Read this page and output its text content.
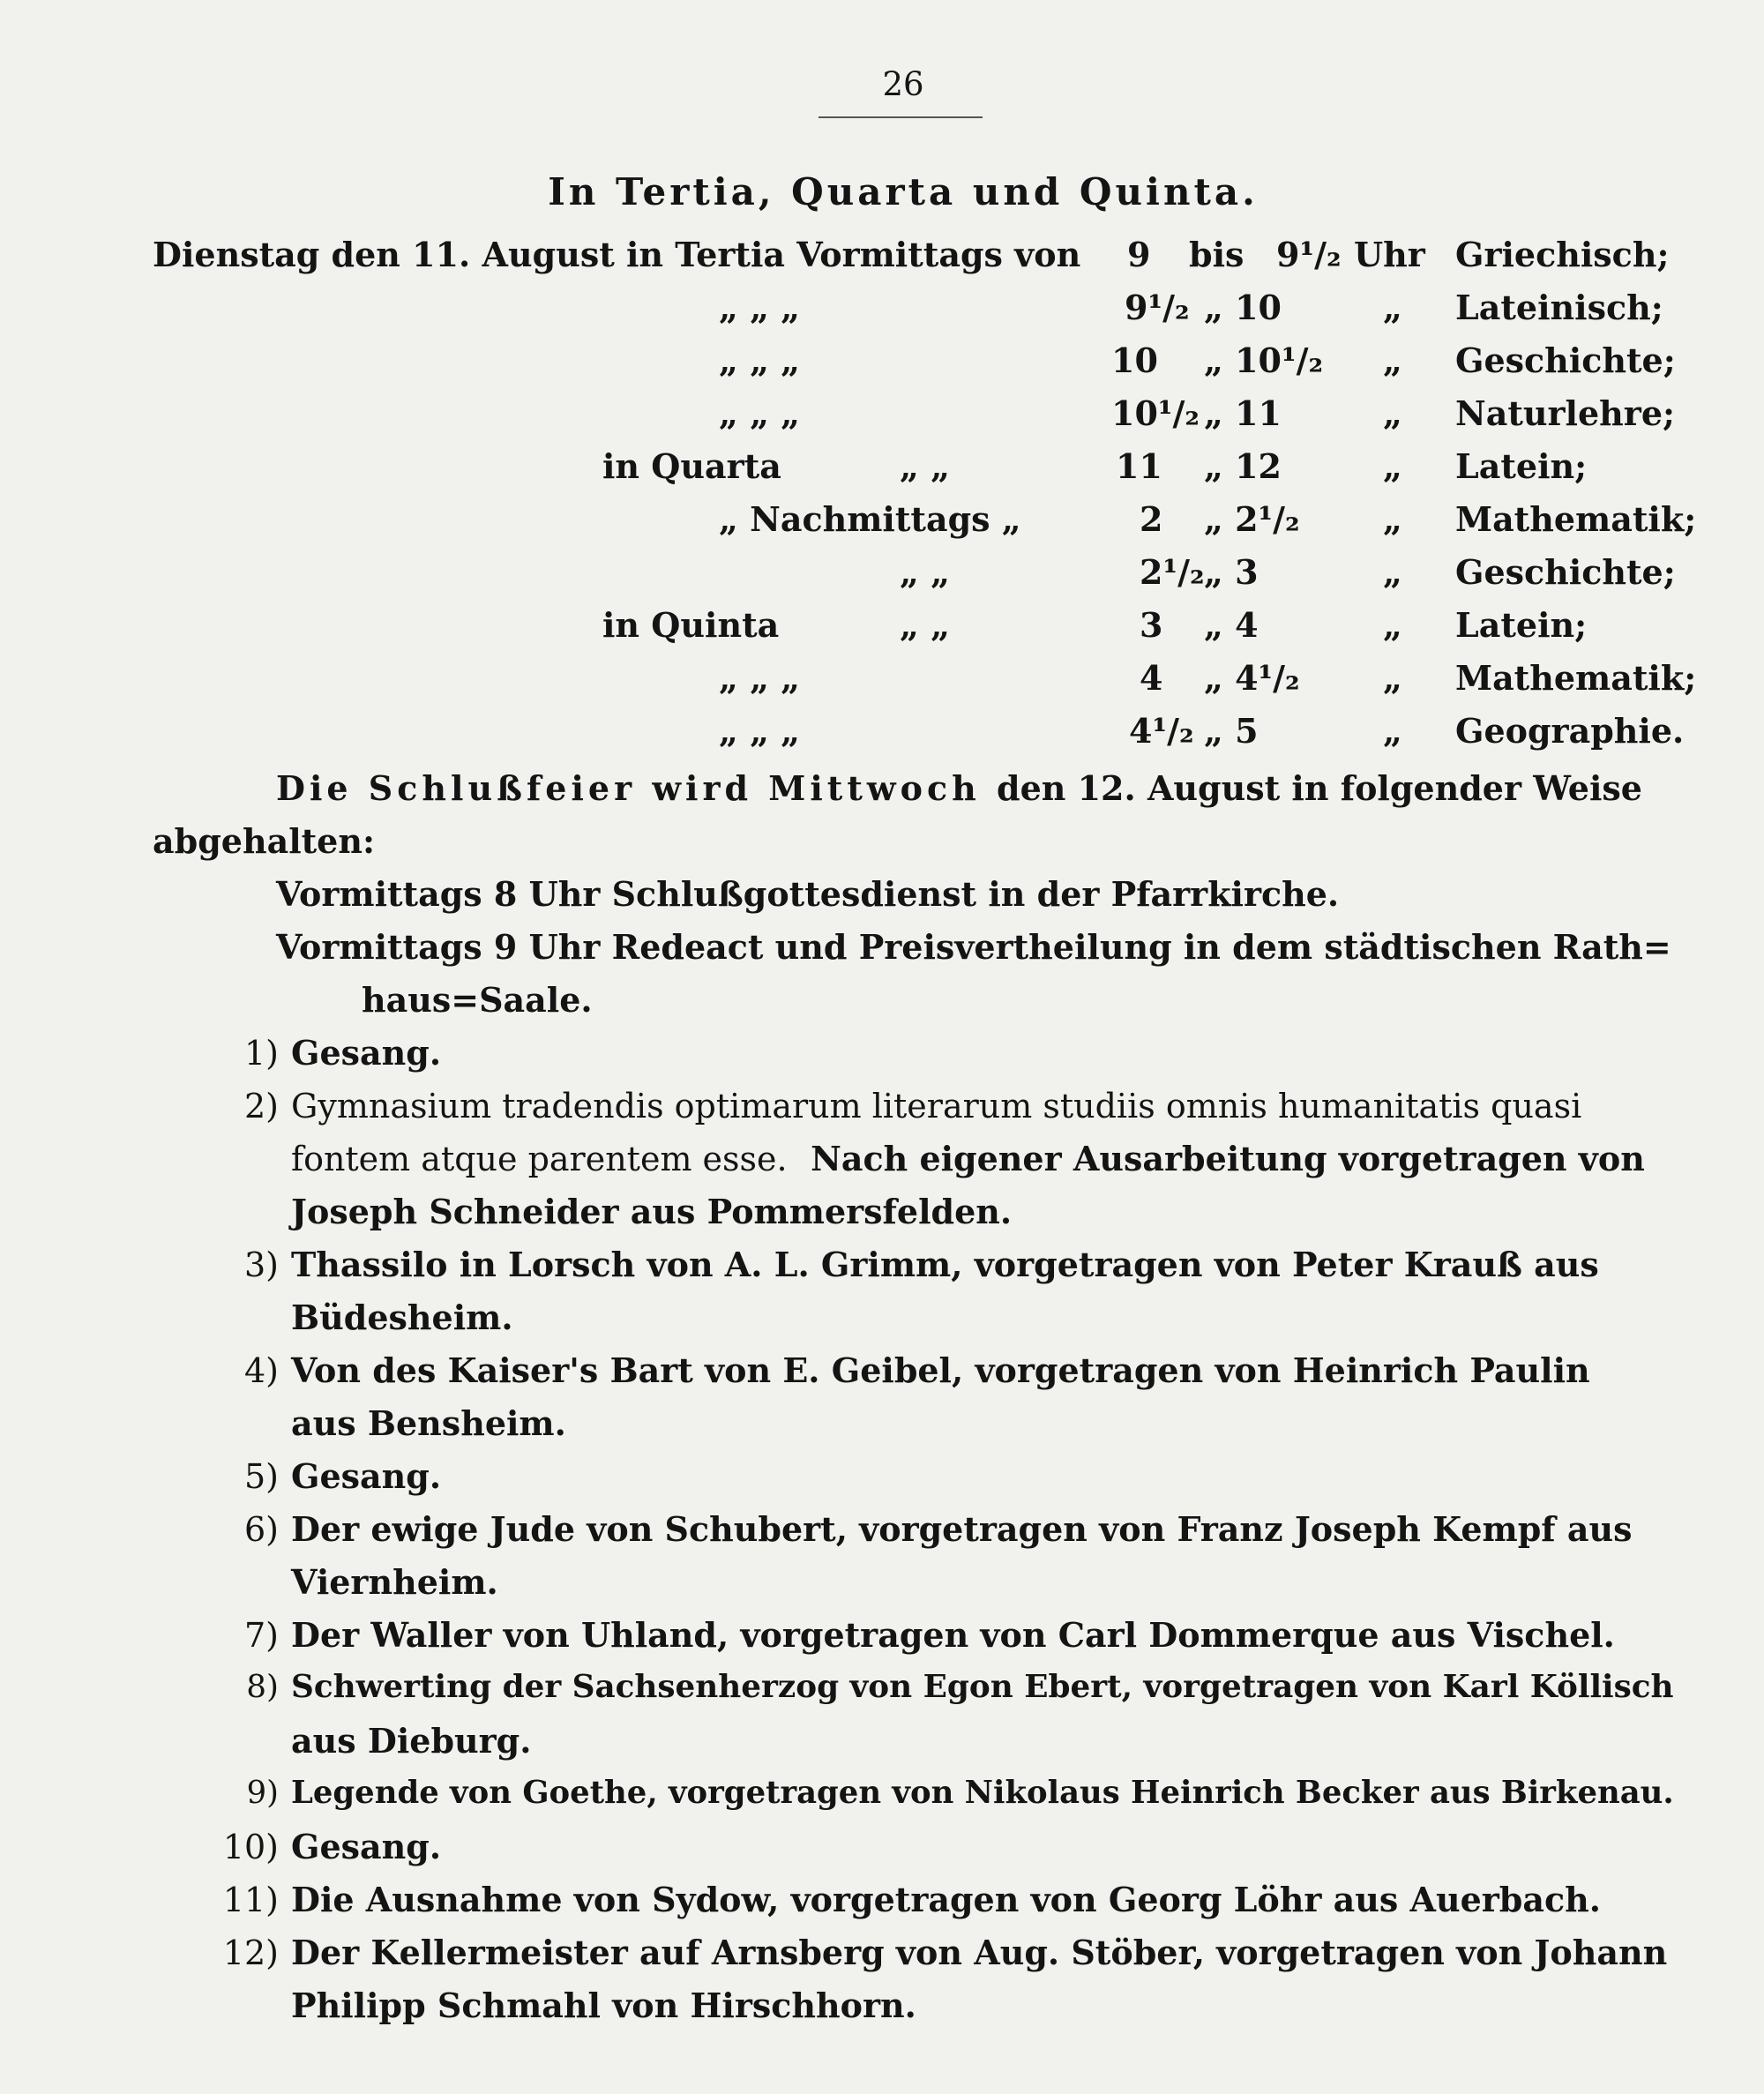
26
In Tertia, Quarta und Quinta.
Dienstag den 11. August in Tertia Vormittags von 9 bis 9¹/₂ Uhr Griechisch;
„ „ „	9¹/₂ „ 10	„ Lateinisch;
„ „ „	10 „ 10¹/₂ „ Geschichte;
„ „ „	10¹/₂ „ 11	„ Naturlehre;
in Quarta	„ „	11 „ 12	„ Latein;
„ Nachmittags „	2 „ 2¹/₂ „ Mathematik;
„ „	2¹/₂ „ 3	„ Geschichte;
in Quinta	„ „	3 „ 4	„ Latein;
„ „ „	4 „ 4¹/₂ „ Mathematik;
„ „ „	4¹/₂ „ 5	„ Geographie.
Die Schlußfeier wird Mittwoch den 12. August in folgender Weise
abgehalten:
Vormittags 8 Uhr Schlußgottesdienst in der Pfarrkirche.
Vormittags 9 Uhr Redeact und Preisvertheilung in dem städtischen Rath=
haus=Saale.
1) Gesang.
2) Gymnasium tradendis optimarum literarum studiis omnis humanitatis quasi
fontem atque parentem esse. Nach eigener Ausarbeitung vorgetragen von
Joseph Schneider aus Pommersfelden.
3) Thassilo in Lorsch von A. L. Grimm, vorgetragen von Peter Krauß aus
Büdesheim.
4) Von des Kaiser's Bart von E. Geibel, vorgetragen von Heinrich Paulin
aus Bensheim.
5) Gesang.
6) Der ewige Jude von Schubert, vorgetragen von Franz Joseph Kempf aus
Viernheim.
7) Der Waller von Uhland, vorgetragen von Carl Dommerque aus Vischel.
8) Schwerting der Sachsenherzog von Egon Ebert, vorgetragen von Karl Köllisch
aus Dieburg.
9) Legende von Goethe, vorgetragen von Nikolaus Heinrich Becker aus Birkenau.
10) Gesang.
11) Die Ausnahme von Sydow, vorgetragen von Georg Löhr aus Auerbach.
12) Der Kellermeister auf Arnsberg von Aug. Stöber, vorgetragen von Johann
Philipp Schmahl von Hirschhorn.
